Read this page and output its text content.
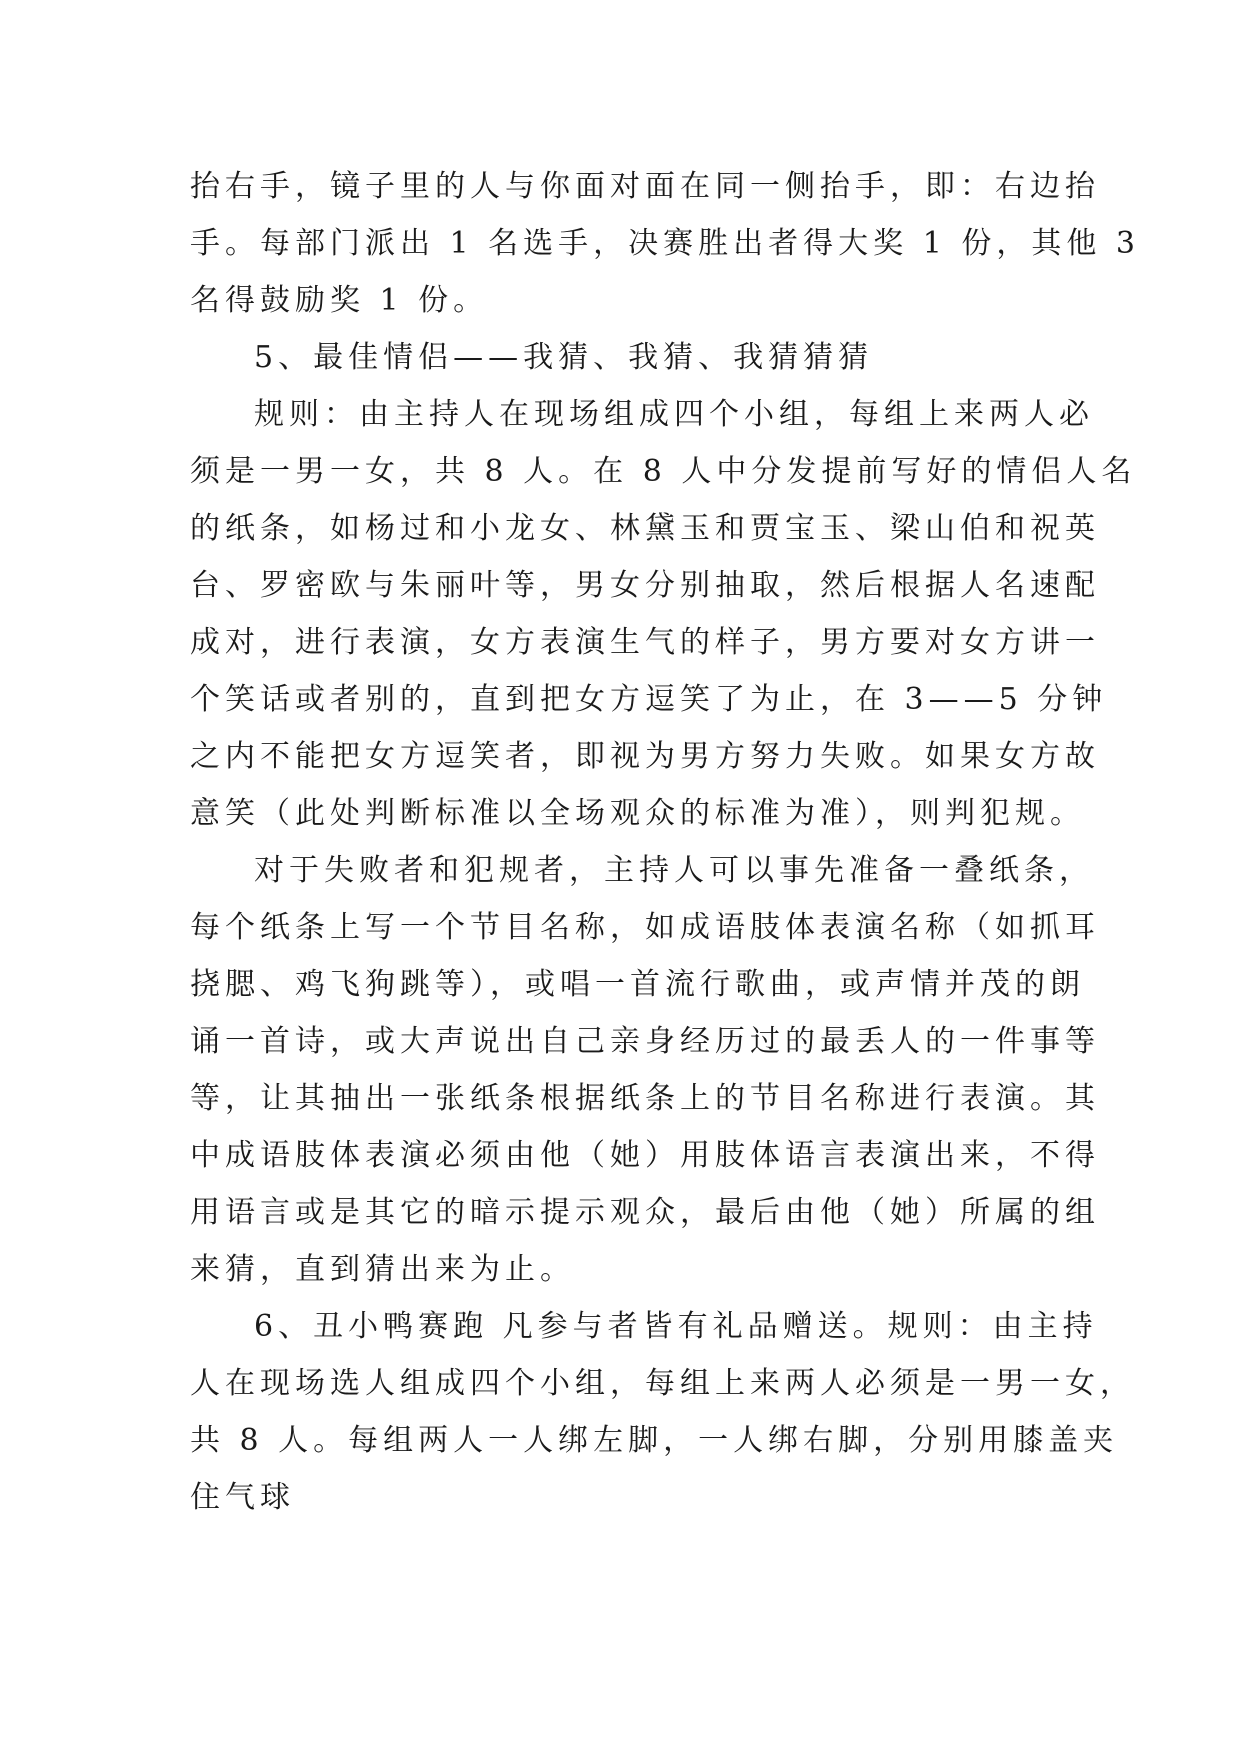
抬右手，镜子里的人与你面对面在同一侧抬手，即：右边抬
手。每部门派出 1 名选手，决赛胜出者得大奖 1 份，其他 3
名得鼓励奖 1 份。
5、最佳情侣——我猜、我猜、我猜猜猜
规则：由主持人在现场组成四个小组，每组上来两人必
须是一男一女，共 8 人。在 8 人中分发提前写好的情侣人名
的纸条，如杨过和小龙女、林黛玉和贾宝玉、梁山伯和祝英
台、罗密欧与朱丽叶等，男女分别抽取，然后根据人名速配
成对，进行表演，女方表演生气的样子，男方要对女方讲一
个笑话或者别的，直到把女方逗笑了为止，在 3——5 分钟
之内不能把女方逗笑者，即视为男方努力失败。如果女方故
意笑（此处判断标准以全场观众的标准为准），则判犯规。
对于失败者和犯规者，主持人可以事先准备一叠纸条，
每个纸条上写一个节目名称，如成语肢体表演名称（如抓耳
挠腮、鸡飞狗跳等），或唱一首流行歌曲，或声情并茂的朗
诵一首诗，或大声说出自己亲身经历过的最丢人的一件事等
等，让其抽出一张纸条根据纸条上的节目名称进行表演。其
中成语肢体表演必须由他（她）用肢体语言表演出来，不得
用语言或是其它的暗示提示观众，最后由他（她）所属的组
来猜，直到猜出来为止。
6、丑小鸭赛跑 凡参与者皆有礼品赠送。规则：由主持
人在现场选人组成四个小组，每组上来两人必须是一男一女，
共 8 人。每组两人一人绑左脚，一人绑右脚，分别用膝盖夹
住气球
